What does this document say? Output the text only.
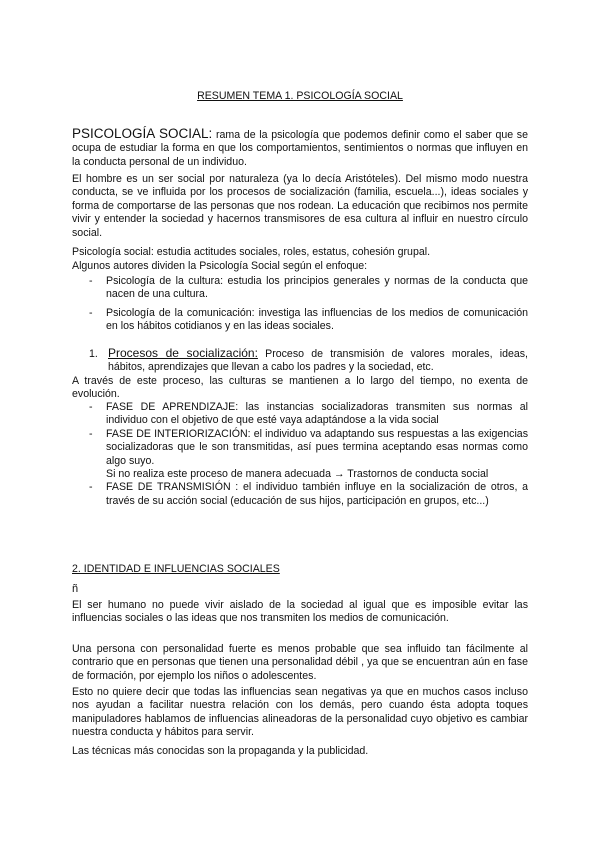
RESUMEN TEMA 1. PSICOLOGÍA SOCIAL

PSICOLOGÍA SOCIAL: rama de la psicología que podemos definir como el saber que se ocupa de estudiar la forma en que los comportamientos, sentimientos o normas que influyen en la conducta personal de un individuo.

El hombre es un ser social por naturaleza (ya lo decía Aristóteles). Del mismo modo nuestra conducta, se ve influida por los procesos de socialización (familia, escuela...), ideas sociales y forma de comportarse de las personas que nos rodean. La educación que recibimos nos permite vivir y entender la sociedad y hacernos transmisores de esa cultura al influir en nuestro círculo social.

Psicología social: estudia actitudes sociales, roles, estatus, cohesión grupal.

Algunos autores dividen la Psicología Social según el enfoque:

- Psicología de la cultura: estudia los principios generales y normas de la conducta que nacen de una cultura.
- Psicología de la comunicación: investiga las influencias de los medios de comunicación en los hábitos cotidianos y en las ideas sociales.
1. Procesos de socialización: Proceso de transmisión de valores morales, ideas, hábitos, aprendizajes que llevan a cabo los padres y la sociedad, etc.

A través de este proceso, las culturas se mantienen a lo largo del tiempo, no exenta de evolución.

- FASE DE APRENDIZAJE: las instancias socializadoras transmiten sus normas al individuo con el objetivo de que esté vaya adaptándose a la vida social
- FASE DE INTERIORIZACIÓN: el individuo va adaptando sus respuestas a las exigencias socializadoras que le son transmitidas, así pues termina aceptando esas normas como algo suyo.
Si no realiza este proceso de manera adecuada → Trastornos de conducta social
- FASE DE TRANSMISIÓN : el individuo también influye en la socialización de otros, a través de su acción social (educación de sus hijos, participación en grupos, etc...)
2. IDENTIDAD E INFLUENCIAS SOCIALES
ñ

El ser humano no puede vivir aislado de la sociedad al igual que es imposible evitar las influencias sociales o las ideas que nos transmiten los medios de comunicación.

Una persona con personalidad fuerte es menos probable que sea influido tan fácilmente al contrario que en personas que tienen una personalidad débil , ya que se encuentran aún en fase de formación, por ejemplo los niños o adolescentes.

Esto no quiere decir que todas las influencias sean negativas ya que en muchos casos incluso nos ayudan a facilitar nuestra relación con los demás, pero cuando ésta adopta toques manipuladores hablamos de influencias alineadoras de la personalidad cuyo objetivo es cambiar nuestra conducta y hábitos para servir.

Las técnicas más conocidas son la propaganda y la publicidad.
